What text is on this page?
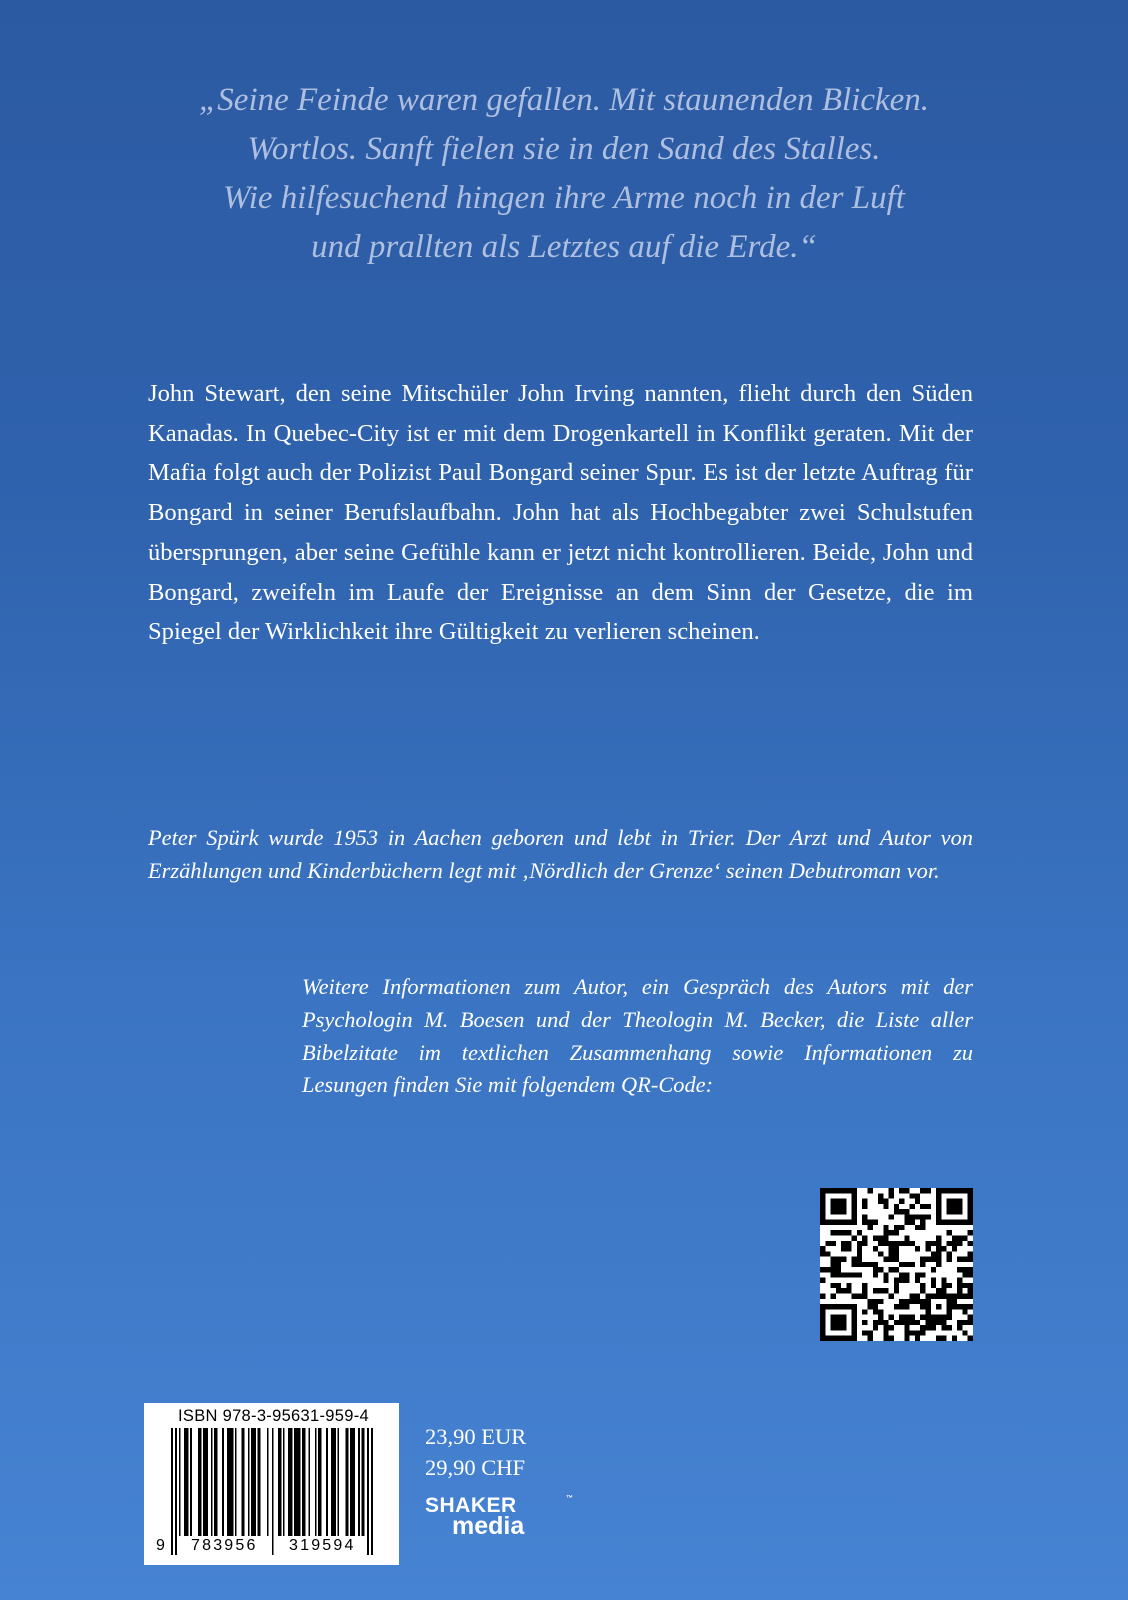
„Seine Feinde waren gefallen. Mit staunenden Blicken.
Wortlos. Sanft fielen sie in den Sand des Stalles.
Wie hilfesuchend hingen ihre Arme noch in der Luft
und prallten als Letztes auf die Erde.“

John Stewart, den seine Mitschüler John Irving nannten, flieht durch den Süden Kanadas. In Quebec-City ist er mit dem Drogenkartell in Konflikt geraten. Mit der Mafia folgt auch der Polizist Paul Bongard seiner Spur. Es ist der letzte Auftrag für Bongard in seiner Berufslaufbahn. John hat als Hochbegabter zwei Schulstufen übersprungen, aber seine Gefühle kann er jetzt nicht kontrollieren. Beide, John und Bongard, zweifeln im Laufe der Ereignisse an dem Sinn der Gesetze, die im Spiegel der Wirklichkeit ihre Gültigkeit zu verlieren scheinen.

Peter Spürk wurde 1953 in Aachen geboren und lebt in Trier. Der Arzt und Autor von Erzählungen und Kinderbüchern legt mit ‚Nördlich der Grenze‘ seinen Debutroman vor.

Weitere Informationen zum Autor, ein Gespräch des Autors mit der Psychologin M. Boesen und der Theologin M. Becker, die Liste aller Bibelzitate im textlichen Zusammenhang sowie Informationen zu Lesungen finden Sie mit folgendem QR-Code:

ISBN 978-3-95631-959-4
9 783956 319594
23,90 EUR
29,90 CHF
SHAKER	™
media
